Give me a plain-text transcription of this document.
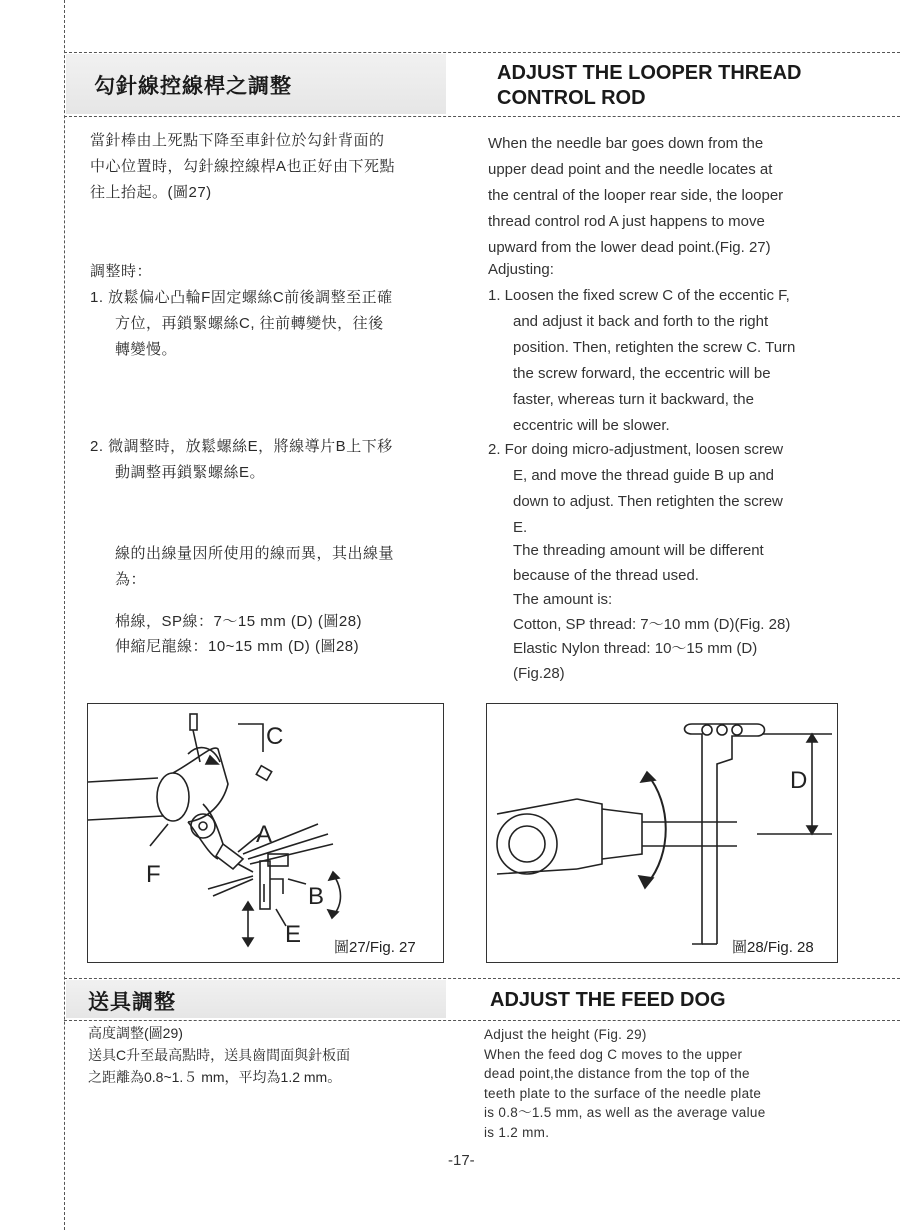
勾針線控線桿之調整
ADJUST THE LOOPER THREAD
CONTROL ROD
當針棒由上死點下降至車針位於勾針背面的
中心位置時，勾針線控線桿A也正好由下死點
往上抬起。(圖27)
調整時：
1. 放鬆偏心凸輪F固定螺絲C前後調整至正確
方位，再鎖緊螺絲C, 往前轉變快，往後
轉變慢。
2. 微調整時，放鬆螺絲E，將線導片B上下移
動調整再鎖緊螺絲E。
線的出線量因所使用的線而異，其出線量
為：
棉線，SP線：7～15 mm (D) (圖28)
伸縮尼龍線：10~15 mm (D) (圖28)
When the needle bar goes down from the
upper dead point and the needle locates at
the central of the looper rear side, the looper
thread control rod A just happens to move
upward from the lower dead point.(Fig. 27)
Adjusting:
1. Loosen the fixed screw C of the eccentic F,
and adjust it back and forth to the right
position. Then, retighten the screw C. Turn
the screw forward, the eccentric will be
faster, whereas turn it backward, the
eccentric will be slower.
2. For doing micro-adjustment, loosen screw
E, and move the thread guide B up and
down to adjust. Then retighten the screw
E.
The threading amount will be different
because of the thread used.
The amount is:
Cotton, SP thread: 7～10 mm (D)(Fig. 28)
Elastic Nylon thread: 10～15 mm (D)
(Fig.28)
C
A
F
B
E 圖27/Fig. 27
D
圖28/Fig. 28
送具調整	ADJUST THE FEED DOG
高度調整(圖29)
送具C升至最高點時，送具齒間面與針板面
之距離為0.8~1.５ mm，平均為1.2 mm。
Adjust the height (Fig. 29)
When the feed dog C moves to the upper
dead point,the distance from the top of the
teeth plate to the surface of the needle plate
is 0.8～1.5 mm, as well as the average value
is 1.2 mm.
-17-
